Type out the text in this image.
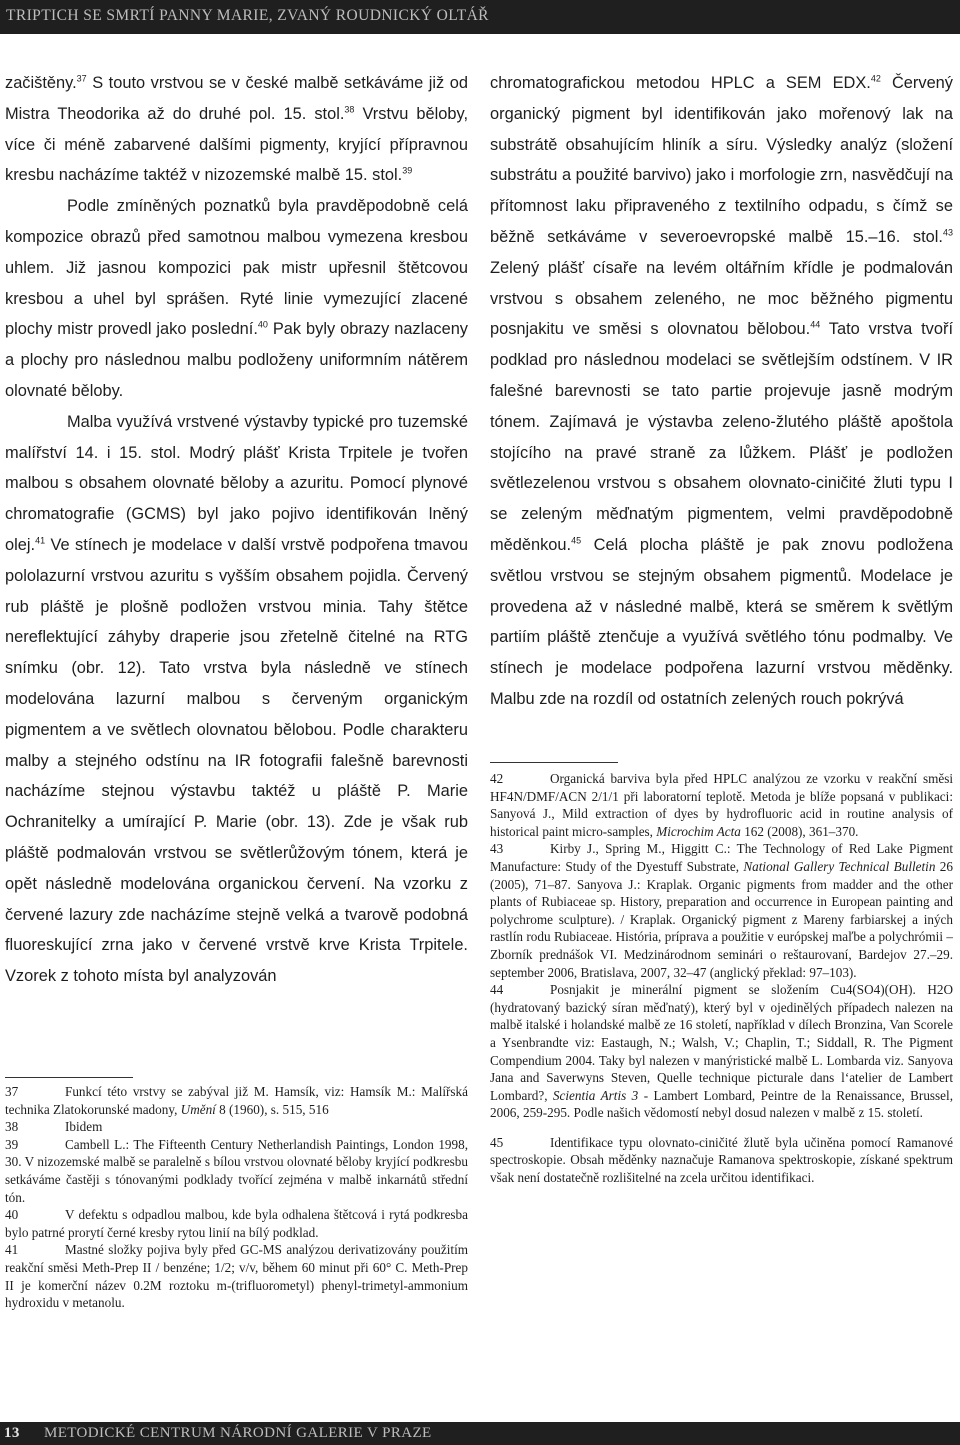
TRIPTICH SE SMRTÍ PANNY MARIE, ZVANÝ ROUDNICKÝ OLTÁŘ

začištěny.$^{37}$ S touto vrstvou se v české malbě setkáváme již od Mistra Theodorika až do druhé pol. 15. stol.$^{38}$ Vrstvu běloby, více či méně zabarvené dalšími pigmenty, kryjící přípravnou kresbu nacházíme taktéž v nizozemské malbě 15. stol.$^{39}$

Podle zmíněných poznatků byla pravděpodobně celá kompozice obrazů před samotnou malbou vymezena kresbou uhlem. Již jasnou kompozici pak mistr upřesnil štětcovou kresbou a uhel byl sprášen. Ryté linie vymezující zlacené plochy mistr provedl jako poslední.$^{40}$ Pak byly obrazy nazlaceny a plochy pro následnou malbu podloženy uniformním nátěrem olovnaté běloby.

Malba využívá vrstvené výstavby typické pro tuzemské malířství 14. i 15. stol. Modrý plášť Krista Trpitele je tvořen malbou s obsahem olovnaté běloby a azuritu. Pomocí plynové chromatografie (GCMS) byl jako pojivo identifikován lněný olej.$^{41}$ Ve stínech je modelace v další vrstvě podpořena tmavou pololazurní vrstvou azuritu s vyšším obsahem pojidla. Červený rub pláště je plošně podložen vrstvou minia. Tahy štětce nereflektující záhyby draperie jsou zřetelně čitelné na RTG snímku (obr. 12). Tato vrstva byla následně ve stínech modelována lazurní malbou s červeným organickým pigmentem a ve světlech olovnatou bělobou. Podle charakteru malby a stejného odstínu na IR fotografii falešně barevnosti nacházíme stejnou výstavbu taktéž u pláště P. Marie Ochranitelky a umírající P. Marie (obr. 13). Zde je však rub pláště podmalován vrstvou se světlerůžovým tónem, která je opět následně modelována organickou červení. Na vzorku z červené lazury zde nacházíme stejně velká a tvarově podobná fluoreskující zrna jako v červené vrstvě krve Krista Trpitele. Vzorek z tohoto místa byl analyzován

chromatografickou metodou HPLC a SEM EDX.$^{42}$ Červený organický pigment byl identifikován jako mořenový lak na substrátě obsahujícím hliník a síru. Výsledky analýz (složení substrátu a použité barvivo) jako i morfologie zrn, nasvědčují na přítomnost laku připraveného z textilního odpadu, s čímž se běžně setkáváme v severoevropské malbě 15.–16. stol.$^{43}$ Zelený plášť císaře na levém oltářním křídle je podmalován vrstvou s obsahem zeleného, ne moc běžného pigmentu posnjakitu ve směsi s olovnatou bělobou.$^{44}$ Tato vrstva tvoří podklad pro následnou modelaci se světlejším odstínem. V IR falešné barevnosti se tato partie projevuje jasně modrým tónem. Zajímavá je výstavba zeleno-žlutého pláště apoštola stojícího na pravé straně za lůžkem. Plášť je podložen světlezelenou vrstvou s obsahem olovnato-ciničité žluti typu I se zeleným měďnatým pigmentem, velmi pravděpodobně měděnkou.$^{45}$ Celá plocha pláště je pak znovu podložena světlou vrstvou se stejným obsahem pigmentů. Modelace je provedena až v následné malbě, která se směrem k světlým partiím pláště ztenčuje a využívá světlého tónu podmalby. Ve stínech je modelace podpořena lazurní vrstvou měděnky. Malbu zde na rozdíl od ostatních zelených rouch pokrývá

37	Funkcí této vrstvy se zabýval již M. Hamsík, viz: Hamsík M.: Malířská technika Zlatokorunské madony, Umění 8 (1960), s. 515, 516
38	Ibidem
39	Cambell L.: The Fifteenth Century Netherlandish Paintings, London 1998, 30. V nizozemské malbě se paralelně s bílou vrstvou olovnaté běloby kryjící podkresbu setkáváme častěji s tónovanými podklady tvořící zejména v malbě inkarnátů střední tón.
40	V defektu s odpadlou malbou, kde byla odhalena štětcová i rytá podkresba bylo patrné prorytí černé kresby rytou linií na bílý podklad.
41	Mastné složky pojiva byly před GC-MS analýzou derivatizovány použitím reakční směsi Meth-Prep II / benzéne; 1/2; v/v, během 60 minut při 60° C. Meth-Prep II je komerční název 0.2M roztoku m-(trifluorometyl) phenyl-trimetyl-ammonium hydroxidu v metanolu.
42	Organická barviva byla před HPLC analýzou ze vzorku v reakční směsi HF4N/DMF/ACN 2/1/1 při laboratorní teplotě. Metoda je blíže popsaná v publikaci: Sanyová J., Mild extraction of dyes by hydrofluoric acid in routine analysis of historical paint micro-samples, Microchim Acta 162 (2008), 361–370.
43	Kirby J., Spring M., Higgitt C.: The Technology of Red Lake Pigment Manufacture: Study of the Dyestuff Substrate, National Gallery Technical Bulletin 26 (2005), 71–87. Sanyova J.: Kraplak. Organic pigments from madder and the other plants of Rubiaceae sp. History, preparation and occurrence in European painting and polychrome sculpture). / Kraplak. Organický pigment z Mareny farbiarskej a iných rastlín rodu Rubiaceae. História, príprava a použitie v európskej maľbe a polychrómii – Zborník prednášok VI. Medzinárodnom seminári o reštaurovaní, Bardejov 27.–29. september 2006, Bratislava, 2007, 32–47 (anglický překlad: 97–103).
44	Posnjakit je minerální pigment se složením Cu4(SO4)(OH). H2O (hydratovaný bazický síran měďnatý), který byl v ojedinělých případech nalezen na malbě italské i holandské malbě ze 16 století, například v dílech Bronzina, Van Scorele a Ysenbrandte viz: Eastaugh, N.; Walsh, V.; Chaplin, T.; Siddall, R. The Pigment Compendium 2004. Taky byl nalezen v manýristické malbě L. Lombarda viz. Sanyova Jana and Saverwyns Steven, Quelle technique picturale dans l‘atelier de Lambert Lombard?, Scientia Artis 3 - Lambert Lombard, Peintre de la Renaissance, Brussel, 2006, 259-295. Podle našich vědomostí nebyl dosud nalezen v malbě z 15. století.
45	Identifikace typu olovnato-ciničité žlutě byla učiněna pomocí Ramanové spectroskopie. Obsah měděnky naznačuje Ramanova spektroskopie, získané spektrum však není dostatečně rozlišitelné na zcela určitou identifikaci.
13 METODICKÉ CENTRUM NÁRODNÍ GALERIE V PRAZE
